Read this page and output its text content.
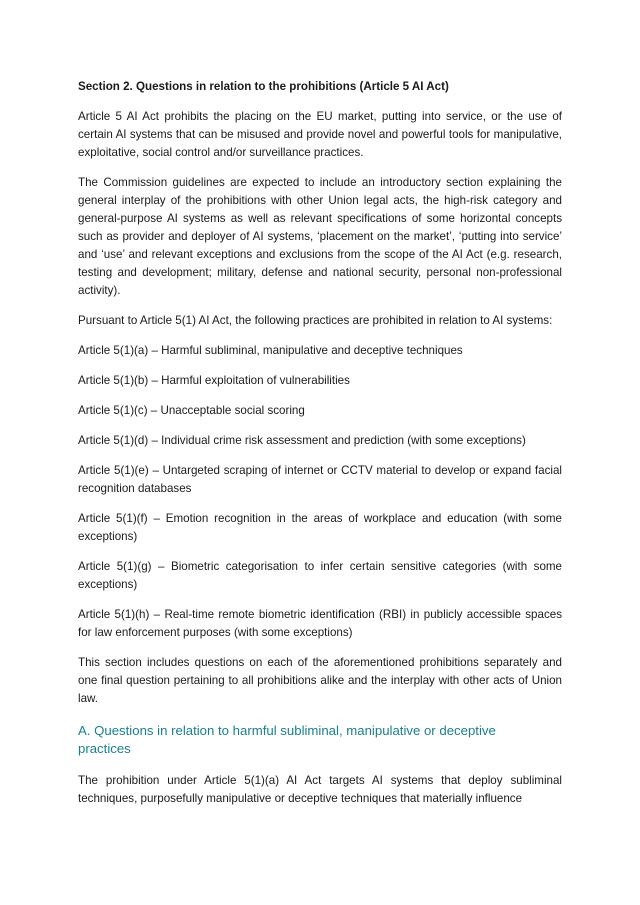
Section 2. Questions in relation to the prohibitions (Article 5 AI Act)

Article 5 AI Act prohibits the placing on the EU market, putting into service, or the use of certain AI systems that can be misused and provide novel and powerful tools for manipulative, exploitative, social control and/or surveillance practices.

The Commission guidelines are expected to include an introductory section explaining the general interplay of the prohibitions with other Union legal acts, the high-risk category and general-purpose AI systems as well as relevant specifications of some horizontal concepts such as provider and deployer of AI systems, ‘placement on the market’, ‘putting into service’ and ‘use’ and relevant exceptions and exclusions from the scope of the AI Act (e.g. research, testing and development; military, defense and national security, personal non-professional activity).

Pursuant to Article 5(1) AI Act, the following practices are prohibited in relation to AI systems:

Article 5(1)(a) – Harmful subliminal, manipulative and deceptive techniques

Article 5(1)(b) – Harmful exploitation of vulnerabilities

Article 5(1)(c) – Unacceptable social scoring

Article 5(1)(d) – Individual crime risk assessment and prediction (with some exceptions)

Article 5(1)(e) – Untargeted scraping of internet or CCTV material to develop or expand facial recognition databases

Article 5(1)(f) – Emotion recognition in the areas of workplace and education (with some exceptions)

Article 5(1)(g) – Biometric categorisation to infer certain sensitive categories (with some exceptions)

Article 5(1)(h) – Real-time remote biometric identification (RBI) in publicly accessible spaces for law enforcement purposes (with some exceptions)

This section includes questions on each of the aforementioned prohibitions separately and one final question pertaining to all prohibitions alike and the interplay with other acts of Union law.

A. Questions in relation to harmful subliminal, manipulative or deceptive practices

The prohibition under Article 5(1)(a) AI Act targets AI systems that deploy subliminal techniques, purposefully manipulative or deceptive techniques that materially influence
